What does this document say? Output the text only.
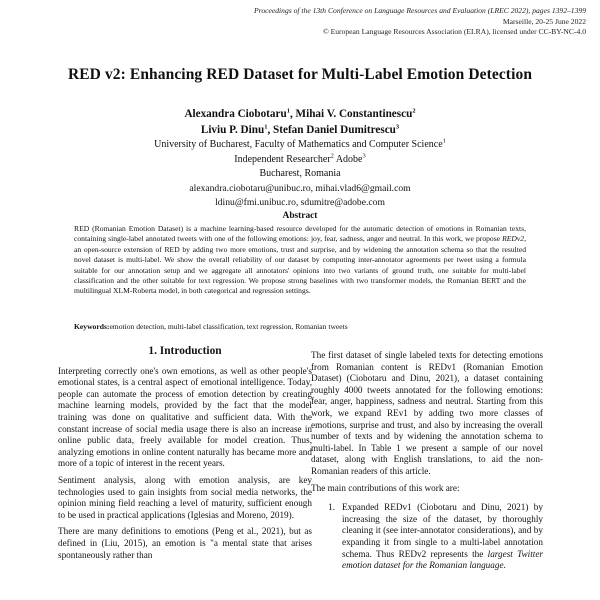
Proceedings of the 13th Conference on Language Resources and Evaluation (LREC 2022), pages 1392–1399
Marseille, 20-25 June 2022
© European Language Resources Association (ELRA), licensed under CC-BY-NC-4.0
RED v2: Enhancing RED Dataset for Multi-Label Emotion Detection
Alexandra Ciobotaru$^1$, Mihai V. Constantinescu$^2$
Liviu P. Dinu$^1$, Stefan Daniel Dumitrescu$^3$
University of Bucharest, Faculty of Mathematics and Computer Science$^1$
Independent Researcher$^2$ Adobe$^3$
Bucharest, Romania
alexandra.ciobotaru@unibuc.ro, mihai.vlad6@gmail.com
ldinu@fmi.unibuc.ro, sdumitre@adobe.com
Abstract
RED (Romanian Emotion Dataset) is a machine learning-based resource developed for the automatic detection of emotions in Romanian texts, containing single-label annotated tweets with one of the following emotions: joy, fear, sadness, anger and neutral. In this work, we propose REDv2, an open-source extension of RED by adding two more emotions, trust and surprise, and by widening the annotation schema so that the resulted novel dataset is multi-label. We show the overall reliability of our dataset by computing inter-annotator agreements per tweet using a formula suitable for our annotation setup and we aggregate all annotators' opinions into two variants of ground truth, one suitable for multi-label classification and the other suitable for text regression. We propose strong baselines with two transformer models, the Romanian BERT and the multilingual XLM-Roberta model, in both categorical and regression settings.
Keywords:emotion detection, multi-label classification, text regression, Romanian tweets
1. Introduction

Interpreting correctly one's own emotions, as well as other people's emotional states, is a central aspect of emotional intelligence. Today, people can automate the process of emotion detection by creating machine learning models, provided by the fact that the model training was done on qualitative and sufficient data. With the constant increase of social media usage there is also an increase in online public data, freely available for model creation. Thus, analyzing emotions in online content naturally has became more and more of a topic of interest in the recent years.

Sentiment analysis, along with emotion analysis, are key technologies used to gain insights from social media networks, the opinion mining field reaching a level of maturity, sufficient enough to be used in practical applications (Iglesias and Moreno, 2019).

There are many definitions to emotions (Peng et al., 2021), but as defined in (Liu, 2015), an emotion is "a mental state that arises spontaneously rather than

The first dataset of single labeled texts for detecting emotions from Romanian content is REDv1 (Romanian Emotion Dataset) (Ciobotaru and Dinu, 2021), a dataset containing roughly 4000 tweets annotated for the following emotions: fear, anger, happiness, sadness and neutral. Starting from this work, we expand REv1 by adding two more classes of emotions, surprise and trust, and also by increasing the overall number of texts and by widening the annotation schema to multi-label. In Table 1 we present a sample of our novel dataset, along with English translations, to aid the non-Romanian readers of this article.

The main contributions of this work are:

1. Expanded REDv1 (Ciobotaru and Dinu, 2021) by increasing the size of the dataset, by thoroughly cleaning it (see inter-annotator considerations), and by expanding it from single to a multi-label annotation schema. Thus REDv2 represents the largest Twitter emotion dataset for the Romanian language.
